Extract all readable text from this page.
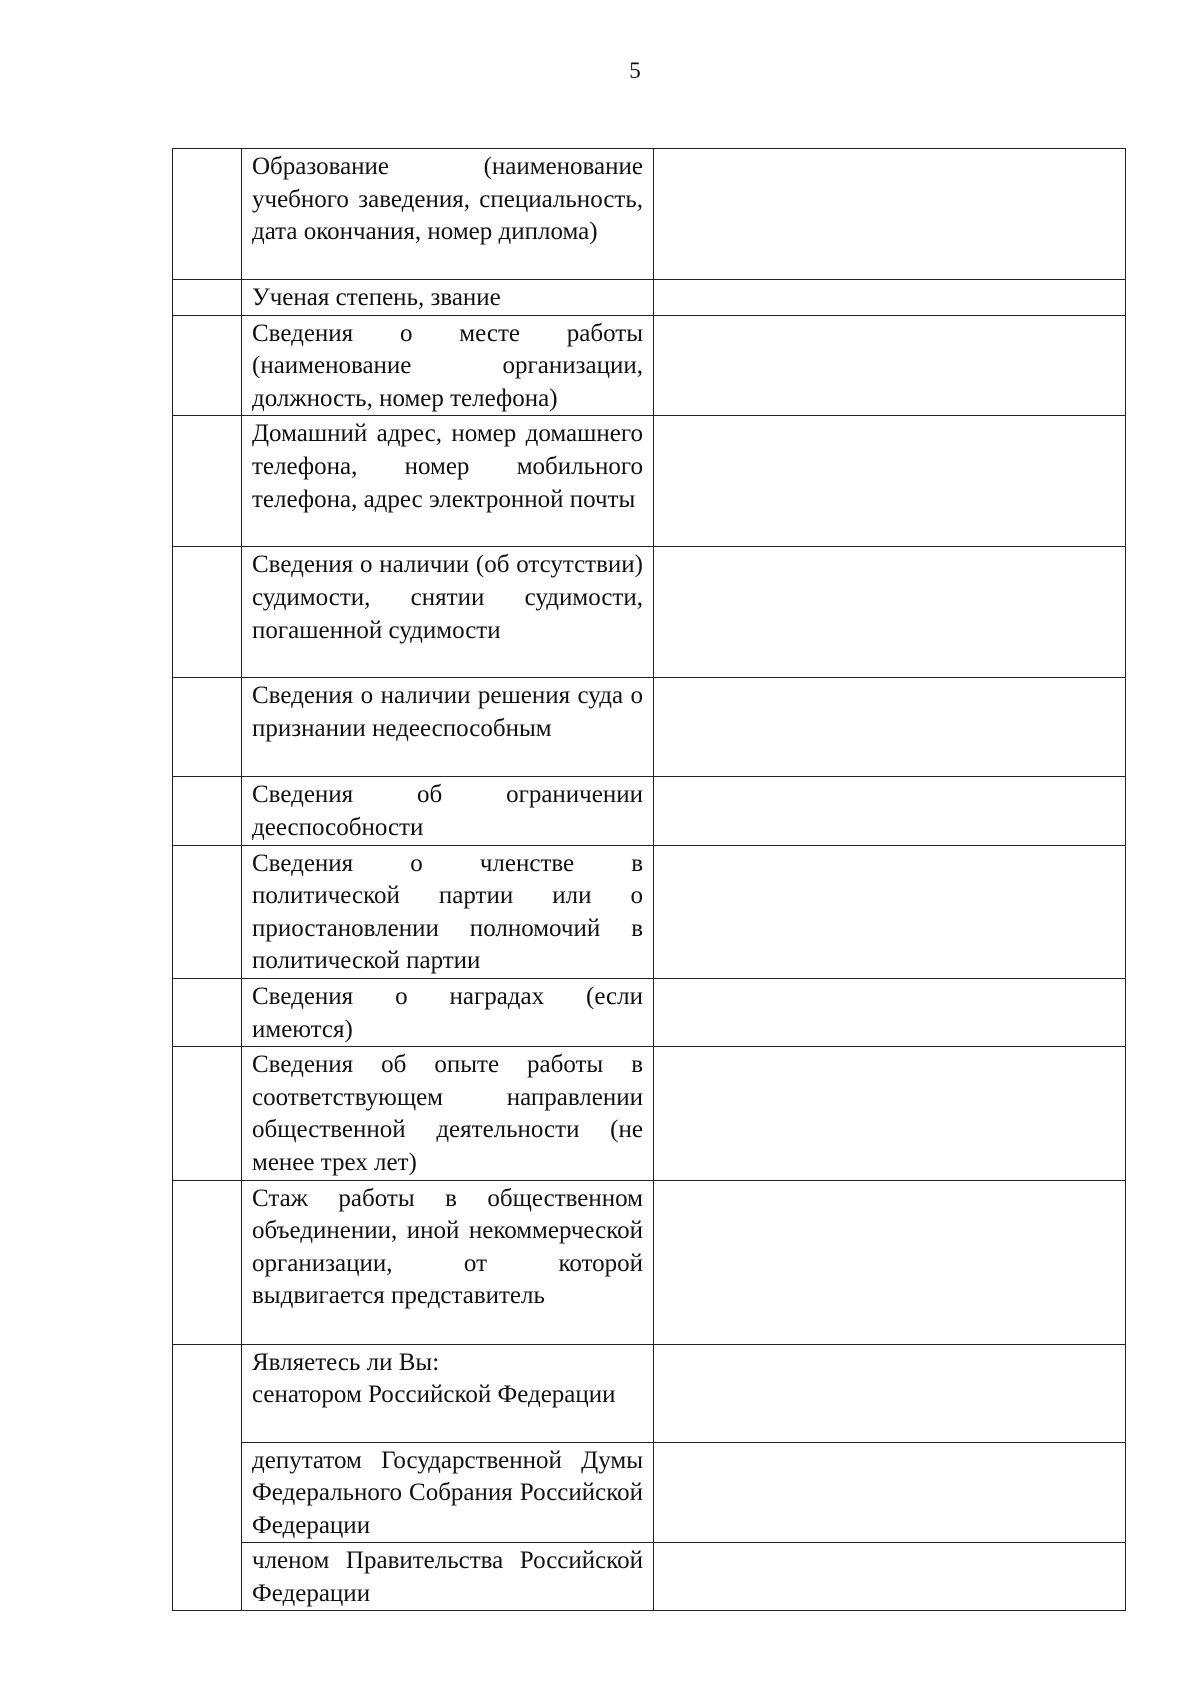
5

	Образование (наименование учебного заведения, специальность, дата окончания, номер диплома)	

	Ученая степень, звание	

	Сведения о месте работы (наименование организации, должность, номер телефона)	

	Домашний адрес, номер домашнего телефона, номер мобильного телефона, адрес электронной почты	

	Сведения о наличии (об отсутствии) судимости, снятии судимости, погашенной судимости	

	Сведения о наличии решения суда о признании недееспособным	

	Сведения об ограничении дееспособности	

	Сведения о членстве в политической партии или о приостановлении полномочий в политической партии	

	Сведения о наградах (если имеются)	

	Сведения об опыте работы в соответствующем направлении общественной деятельности (не менее трех лет)	

	Стаж работы в общественном объединении, иной некоммерческой организации, от которой выдвигается представитель	

	Являетесь ли Вы:
сенатором Российской Федерации	

	депутатом Государственной Думы Федерального Собрания Российской Федерации	

	членом Правительства Российской Федерации	
